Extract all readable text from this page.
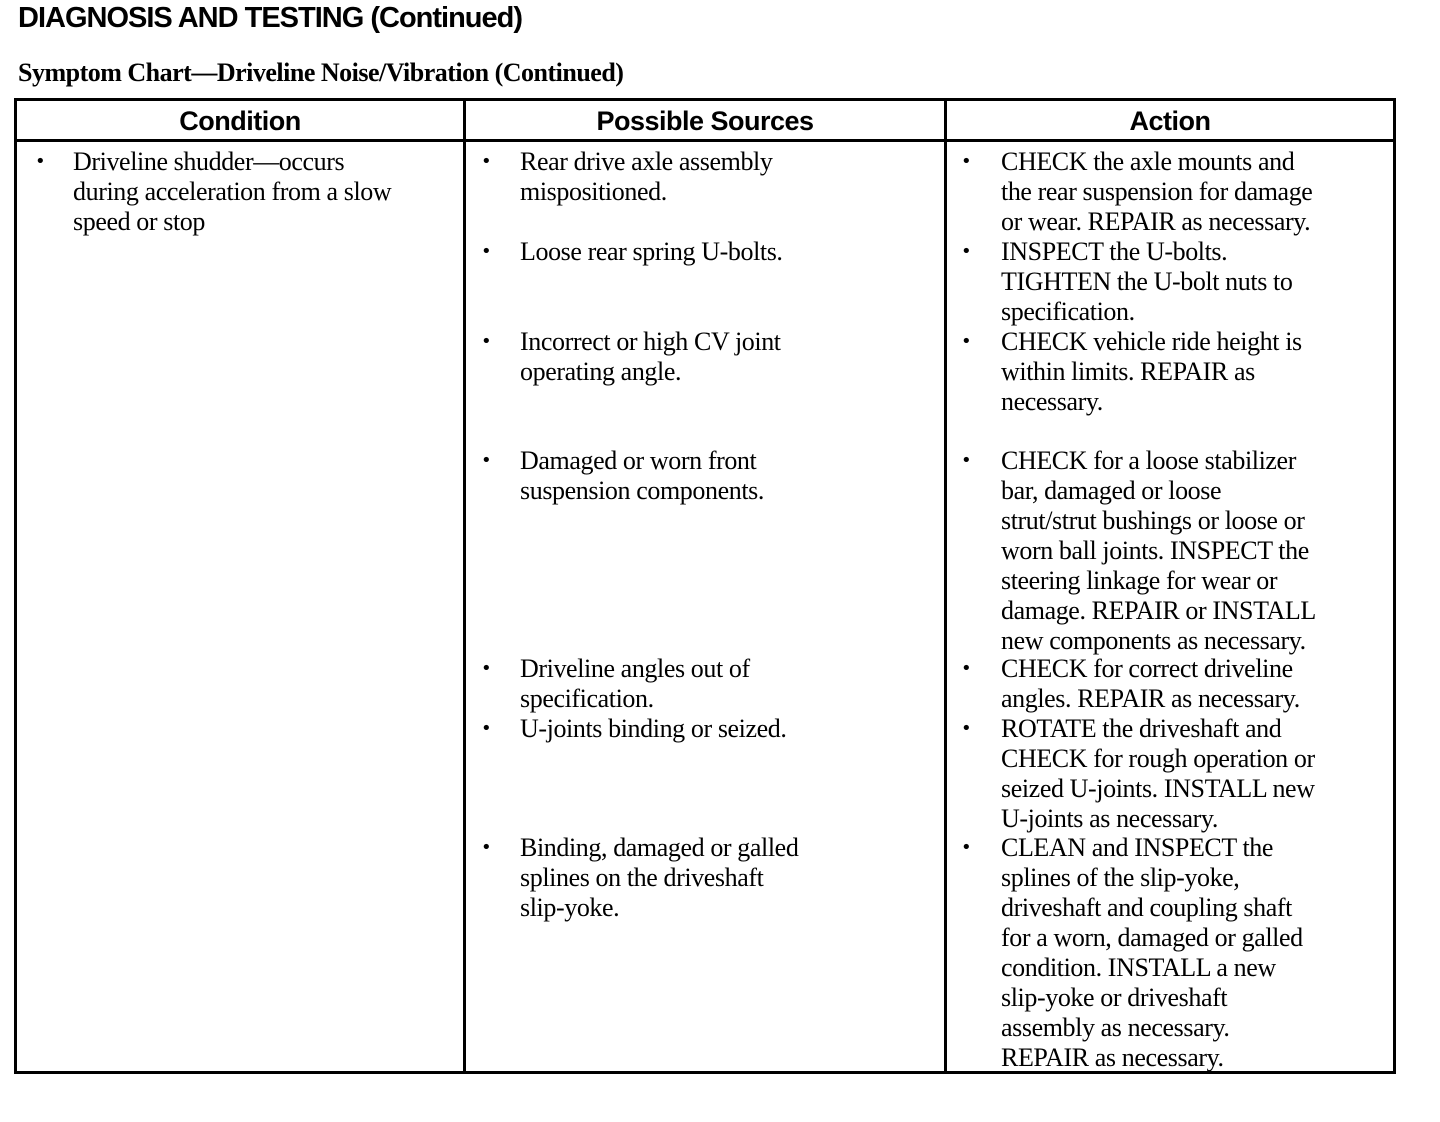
DIAGNOSIS AND TESTING (Continued)
Symptom Chart—Driveline Noise/Vibration (Continued)
Condition	Possible Sources	Action
• Driveline shudder—occurs
during acceleration from a slow
speed or stop
• Rear drive axle assembly
mispositioned.
• Loose rear spring U-bolts.
• Incorrect or high CV joint
operating angle.
• Damaged or worn front
suspension components.
• Driveline angles out of
specification.
• U-joints binding or seized.
• Binding, damaged or galled
splines on the driveshaft
slip-yoke.
• CHECK the axle mounts and
the rear suspension for damage
or wear. REPAIR as necessary.
• INSPECT the U-bolts.
TIGHTEN the U-bolt nuts to
specification.
• CHECK vehicle ride height is
within limits. REPAIR as
necessary.
• CHECK for a loose stabilizer
bar, damaged or loose
strut/strut bushings or loose or
worn ball joints. INSPECT the
steering linkage for wear or
damage. REPAIR or INSTALL
new components as necessary.
• CHECK for correct driveline
angles. REPAIR as necessary.
• ROTATE the driveshaft and
CHECK for rough operation or
seized U-joints. INSTALL new
U-joints as necessary.
• CLEAN and INSPECT the
splines of the slip-yoke,
driveshaft and coupling shaft
for a worn, damaged or galled
condition. INSTALL a new
slip-yoke or driveshaft
assembly as necessary.
REPAIR as necessary.
